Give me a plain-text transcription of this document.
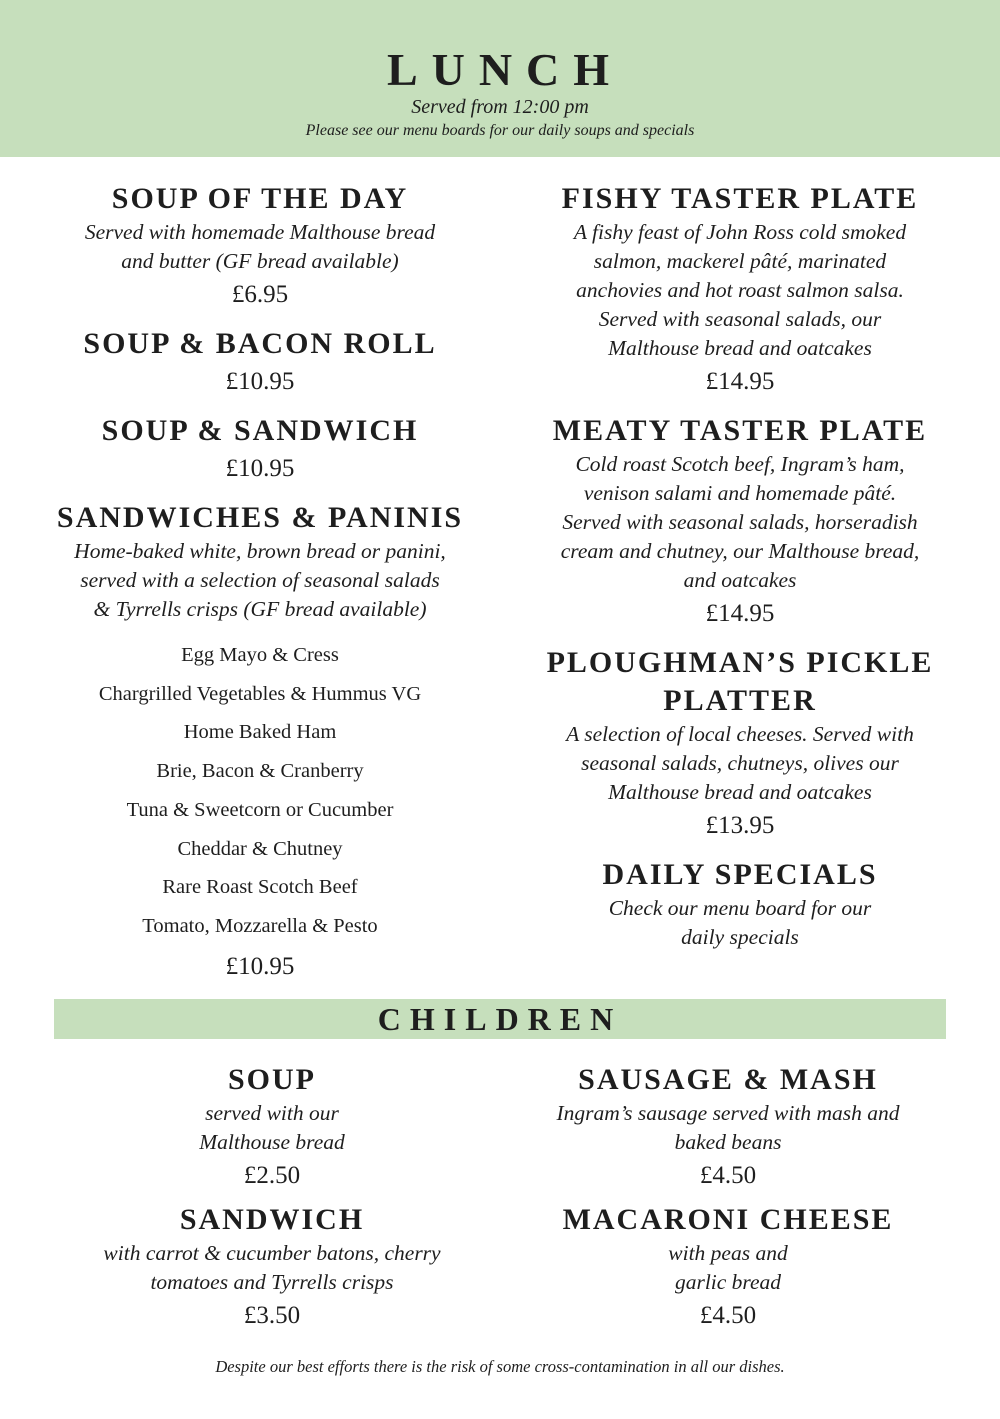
LUNCH
Served from 12:00 pm
Please see our menu boards for our daily soups and specials
SOUP OF THE DAY
Served with homemade Malthouse bread
and butter (GF bread available)
£6.95
SOUP & BACON ROLL
£10.95
SOUP & SANDWICH
£10.95
SANDWICHES & PANINIS
Home-baked white, brown bread or panini,
served with a selection of seasonal salads
& Tyrrells crisps (GF bread available)
Egg Mayo & Cress
Chargrilled Vegetables & Hummus VG
Home Baked Ham
Brie, Bacon & Cranberry
Tuna & Sweetcorn or Cucumber
Cheddar & Chutney
Rare Roast Scotch Beef
Tomato, Mozzarella & Pesto
£10.95
FISHY TASTER PLATE
A fishy feast of John Ross cold smoked
salmon, mackerel pâté, marinated
anchovies and hot roast salmon salsa.
Served with seasonal salads, our
Malthouse bread and oatcakes
£14.95
MEATY TASTER PLATE
Cold roast Scotch beef, Ingram’s ham,
venison salami and homemade pâté.
Served with seasonal salads, horseradish
cream and chutney, our Malthouse bread,
and oatcakes
£14.95
PLOUGHMAN’S PICKLE
PLATTER
A selection of local cheeses. Served with
seasonal salads, chutneys, olives our
Malthouse bread and oatcakes
£13.95
DAILY SPECIALS
Check our menu board for our
daily specials
CHILDREN
SOUP
served with our
Malthouse bread
£2.50
SANDWICH
with carrot & cucumber batons, cherry
tomatoes and Tyrrells crisps
£3.50
SAUSAGE & MASH
Ingram’s sausage served with mash and
baked beans
£4.50
MACARONI CHEESE
with peas and
garlic bread
£4.50
Despite our best efforts there is the risk of some cross-contamination in all our dishes.
